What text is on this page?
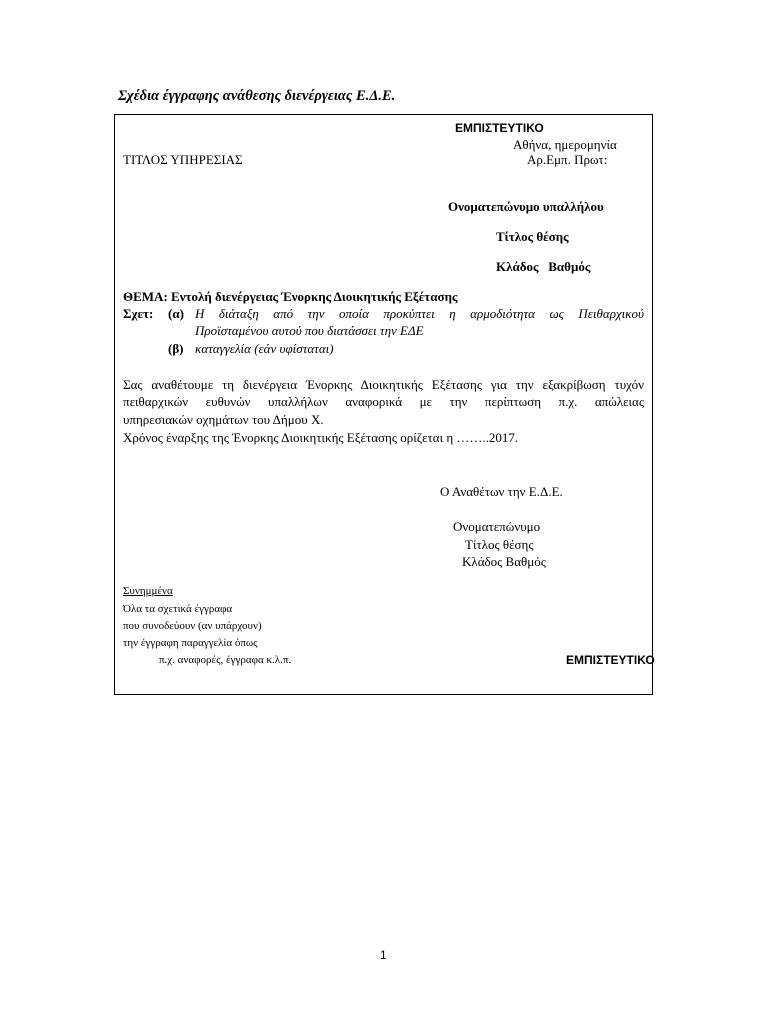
Σχέδια έγγραφης ανάθεσης διενέργειας Ε.Δ.Ε.
ΕΜΠΙΣΤΕΥΤΙΚΟ
Αθήνα, ημερομηνία
ΤΙΤΛΟΣ ΥΠΗΡΕΣΙΑΣ	Αρ.Εμπ. Πρωτ:
Ονοματεπώνυμο υπαλλήλου
Τίτλος θέσης
Κλάδος   Βαθμός
ΘΕΜΑ: Εντολή διενέργειας Ένορκης Διοικητικής Εξέτασης
Σχετ: (α) Η διάταξη από την οποία προκύπτει η αρμοδιότητα ως Πειθαρχικού
Προϊσταμένου αυτού που διατάσσει την ΕΔΕ
(β) καταγγελία (εάν υφίσταται)
Σας αναθέτουμε τη διενέργεια Ένορκης Διοικητικής Εξέτασης για την εξακρίβωση τυχόν
πειθαρχικών ευθυνών υπαλλήλων αναφορικά με την περίπτωση π.χ. απώλειας
υπηρεσιακών οχημάτων του Δήμου Χ.
Χρόνος έναρξης της Ένορκης Διοικητικής Εξέτασης ορίζεται η ……..2017.
Ο Αναθέτων την Ε.Δ.Ε.
Ονοματεπώνυμο
Τίτλος θέσης
Κλάδος Βαθμός
Συνημμένα
Όλα τα σχετικά έγγραφα
που συνοδεύουν (αν υπάρχουν)
την έγγραφη παραγγελία όπως
π.χ. αναφορές, έγγραφα κ.λ.π.	ΕΜΠΙΣΤΕΥΤΙΚΟ
1
